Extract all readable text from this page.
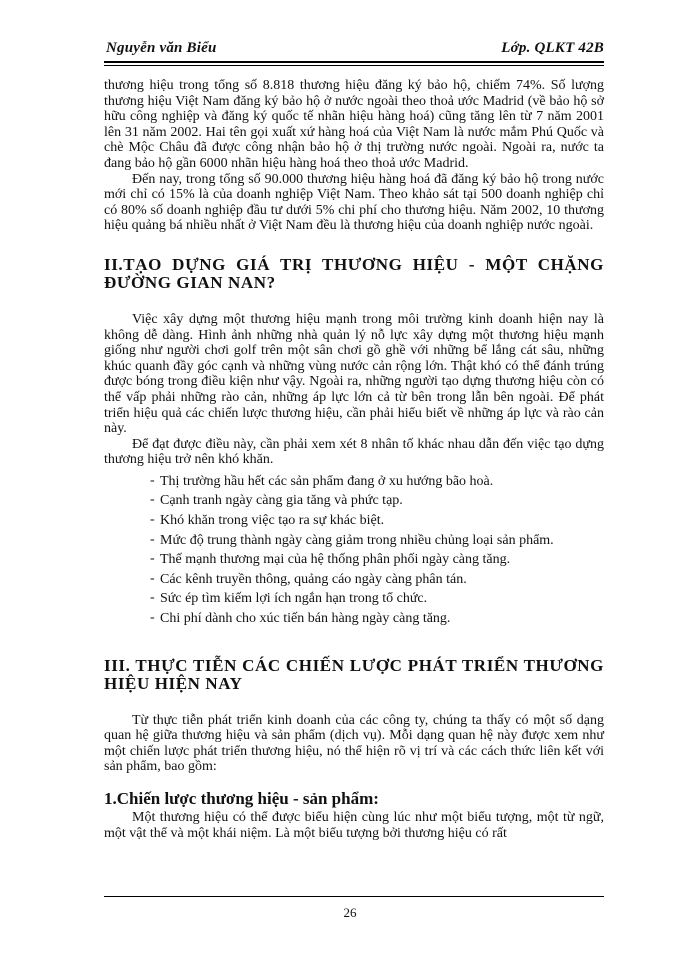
Nguyễn văn Biểu	Lớp. QLKT 42B

thương hiệu trong tổng số 8.818 thương hiệu đăng ký bảo hộ, chiếm 74%. Số lượng thương hiệu Việt Nam đăng ký bảo hộ ở nước ngoài theo thoả ước Madrid (về bảo hộ sở hữu công nghiệp và đăng ký quốc tế nhãn hiệu hàng hoá) cũng tăng lên từ 7 năm 2001 lên 31 năm 2002. Hai tên gọi xuất xứ hàng hoá của Việt Nam là nước mắm Phú Quốc và chè Mộc Châu đã được công nhận bảo hộ ở thị trường nước ngoài. Ngoài ra, nước ta đang bảo hộ gần 6000 nhãn hiệu hàng hoá theo thoả ước Madrid.

Đến nay, trong tổng số 90.000 thương hiệu hàng hoá đã đăng ký bảo hộ trong nước mới chỉ có 15% là của doanh nghiệp Việt Nam. Theo khảo sát tại 500 doanh nghiệp chỉ có 80% số doanh nghiệp đầu tư dưới 5% chi phí cho thương hiệu. Năm 2002, 10 thương hiệu quảng bá nhiều nhất ở Việt Nam đều là thương hiệu của doanh nghiệp nước ngoài.

II.TẠO DỰNG GIÁ TRỊ THƯƠNG HIỆU - MỘT CHẶNG ĐƯỜNG GIAN NAN?

Việc xây dựng một thương hiệu mạnh trong môi trường kinh doanh hiện nay là không dễ dàng. Hình ảnh những nhà quản lý nỗ lực xây dựng một thương hiệu mạnh giống như người chơi golf trên một sân chơi gồ ghề với những bể lắng cát sâu, những khúc quanh đầy góc cạnh và những vùng nước cản rộng lớn. Thật khó có thể đánh trúng được bóng trong điều kiện như vậy. Ngoài ra, những người tạo dựng thương hiệu còn có thể vấp phải những rào cản, những áp lực lớn cả từ bên trong lẫn bên ngoài. Để phát triển hiệu quả các chiến lược thương hiệu, cần phải hiểu biết về những áp lực và rào cản này.

Để đạt được điều này, cần phải xem xét 8 nhân tố khác nhau dẫn đến việc tạo dựng thương hiệu trở nên khó khăn.

- Thị trường hầu hết các sản phẩm đang ở xu hướng bão hoà.
- Cạnh tranh ngày càng gia tăng và phức tạp.
- Khó khăn trong việc tạo ra sự khác biệt.
- Mức độ trung thành ngày càng giảm trong nhiều chủng loại sản phẩm.
- Thế mạnh thương mại của hệ thống phân phối ngày càng tăng.
- Các kênh truyền thông, quảng cáo ngày càng phân tán.
- Sức ép tìm kiếm lợi ích ngắn hạn trong tổ chức.
- Chi phí dành cho xúc tiến bán hàng ngày càng tăng.
III. THỰC TIỄN CÁC CHIẾN LƯỢC PHÁT TRIỂN THƯƠNG HIỆU HIỆN NAY

Từ thực tiễn phát triển kinh doanh của các công ty, chúng ta thấy có một số dạng quan hệ giữa thương hiệu và sản phẩm (dịch vụ). Mỗi dạng quan hệ này được xem như một chiến lược phát triển thương hiệu, nó thể hiện rõ vị trí và các cách thức liên kết với sản phẩm, bao gồm:

1.Chiến lược thương hiệu - sản phẩm:

Một thương hiệu có thể được biểu hiện cùng lúc như một biểu tượng, một từ ngữ, một vật thể và một khái niệm. Là một biểu tượng bởi thương hiệu có rất

26
